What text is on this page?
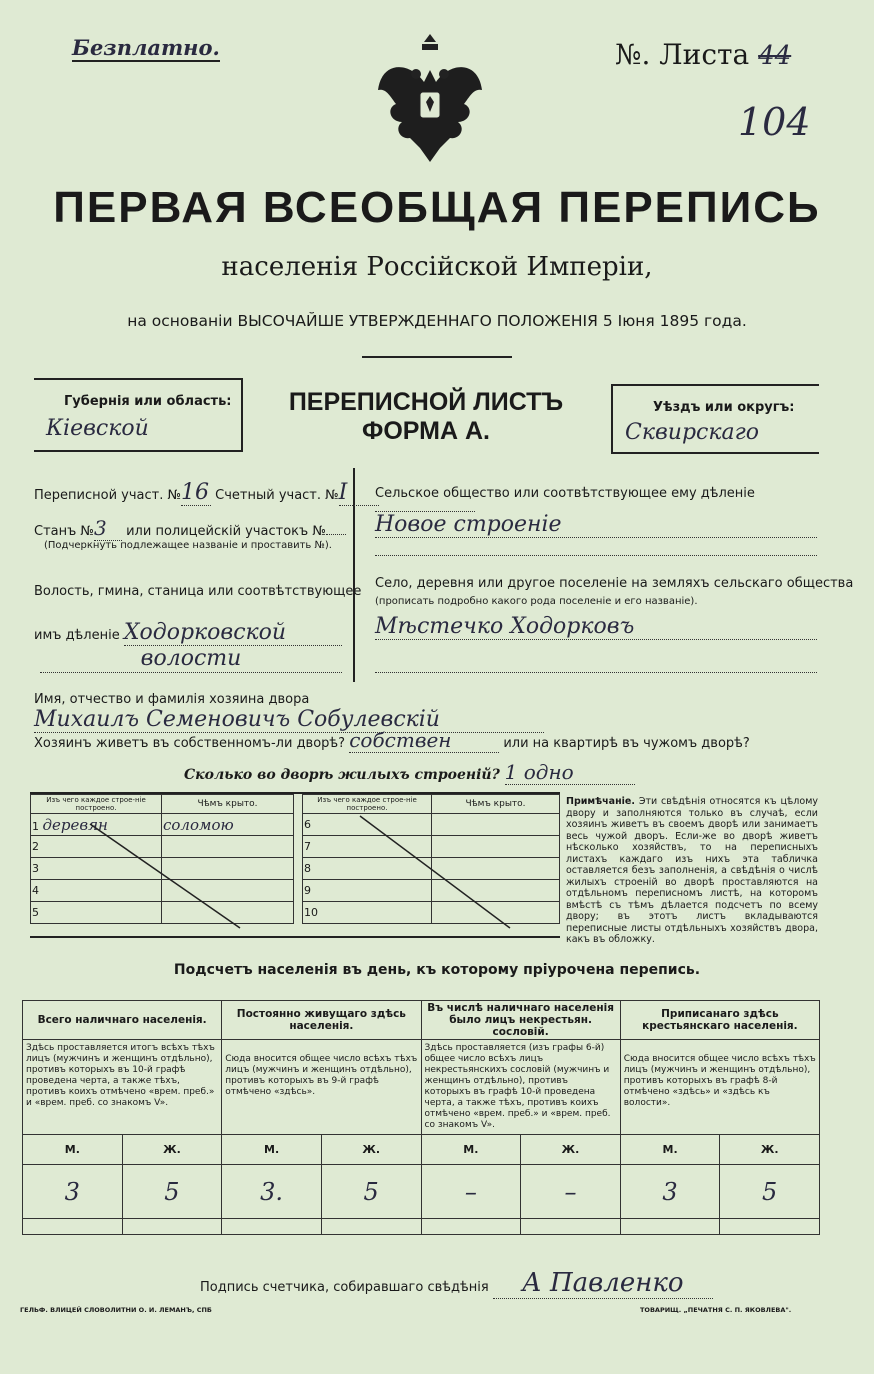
Безплатно.	№. Листа 44
104
ПЕРВАЯ ВСЕОБЩАЯ ПЕРЕПИСЬ
населенія Россійской Имперіи,
на основаніи ВЫСОЧАЙШЕ УТВЕРЖДЕННАГО ПОЛОЖЕНІЯ 5 Іюня 1895 года.
Губернія или область:
Кіевской
ПЕРЕПИСНОЙ ЛИСТЪ
ФОРМА А.
Уѣздъ или округъ:
Сквирскаго
Переписной участ. №16 Счетный участ. №I
Станъ №3 или полицейскій участокъ №
(Подчеркнуть подлежащее названіе и проставить №).
Волость, гмина, станица или соотвѣтствующее
имъ дѣленіе Ходорковской
волости
Сельское общество или соотвѣтствующее ему дѣленіе
Новое строеніе
Село, деревня или другое поселеніе на земляхъ сельскаго общества
(прописать подробно какого рода поселеніе и его названіе).
Мѣстечко Ходорковъ
Имя, отчество и фамилія хозяина двора Михаилъ Семеновичъ Собулевскій
Хозяинъ живетъ въ собственномъ-ли дворѣ? собствен	или на квартирѣ въ чужомъ дворѣ?
Сколько во дворѣ жилыхъ строеній? 1 одно
Изъ чего каждое строе-ніе построено.	Чѣмъ крыто.
1 деревян	соломою
2	
3	
4	
5	
Изъ чего каждое строе-ніе построено.	Чѣмъ крыто.
6	
7	
8	
9	
10	
Примѣчаніе. Эти свѣдѣнія относятся къ цѣлому двору и заполняются только въ случаѣ, если хозяинъ живетъ въ своемъ дворѣ или занимаетъ весь чужой дворъ. Если-же во дворѣ живетъ нѣсколько хозяйствъ, то на переписныхъ листахъ каждаго изъ нихъ эта табличка оставляется безъ заполненія, а свѣдѣнія о числѣ жилыхъ строеній во дворѣ проставляются на отдѣльномъ переписномъ листѣ, на которомъ вмѣстѣ съ тѣмъ дѣлается подсчетъ по всему двору; въ этотъ листъ вкладываются переписные листы отдѣльныхъ хозяйствъ двора, какъ въ обложку.
Подсчетъ населенія въ день, къ которому пріурочена перепись.
Всего наличнаго населенія.		Постоянно живущаго здѣсь населенія.		Въ числѣ наличнаго населенія было лицъ некрестьян. сословій.		Приписанаго здѣсь крестьянскаго населенія.	
Здѣсь проставляется итогъ всѣхъ тѣхъ лицъ (мужчинъ и женщинъ отдѣльно), противъ которыхъ въ 10-й графѣ проведена черта, а также тѣхъ, противъ коихъ отмѣчено «врем. преб.» и «врем. преб. со знакомъ V».		Сюда вносится общее число всѣхъ тѣхъ лицъ (мужчинъ и женщинъ отдѣльно), противъ которыхъ въ 9-й графѣ отмѣчено «здѣсь».		Здѣсь проставляется (изъ графы 6-й) общее число всѣхъ лицъ некрестьянскихъ сословій (мужчинъ и женщинъ отдѣльно), противъ которыхъ въ графѣ 10-й проведена черта, а также тѣхъ, противъ коихъ отмѣчено «врем. преб.» и «врем. преб. со знакомъ V».		Сюда вносится общее число всѣхъ тѣхъ лицъ (мужчинъ и женщинъ отдѣльно), противъ которыхъ въ графѣ 8-й отмѣчено «здѣсь» и «здѣсь къ волости».	
М.	Ж.	М.	Ж.	М.	Ж.	М.	Ж.
3	5	3.	5	–	–	3	5

Подпись счетчика, собиравшаго свѣдѣнія А Павленко
ГЕЛЬФ. ВЛИЦЕЙ СЛОВОЛИТНИ О. И. ЛЕМАНЪ, СПБ	ТОВАРИЩ. „ПЕЧАТНЯ С. П. ЯКОВЛЕВА".
